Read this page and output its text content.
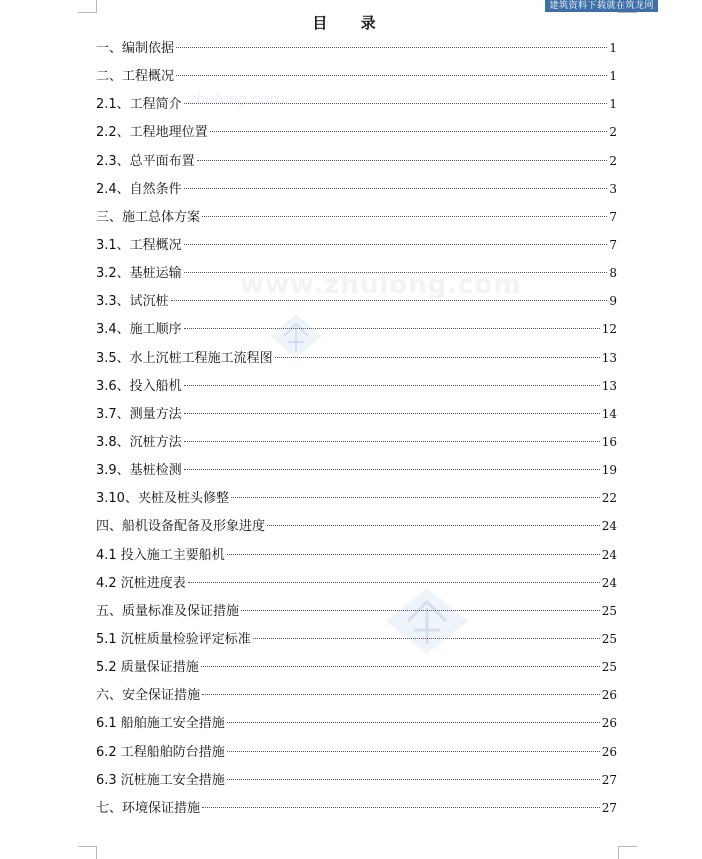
建筑资料下载就在筑龙网
zhulong.com
www.zhulong.com
目 录
一、编制依据	1
二、工程概况	1
2.1、工程简介	1
2.2、工程地理位置	2
2.3、总平面布置	2
2.4、自然条件	3
三、施工总体方案	7
3.1、工程概况	7
3.2、基桩运输	8
3.3、试沉桩	9
3.4、施工顺序	12
3.5、水上沉桩工程施工流程图	13
3.6、投入船机	13
3.7、测量方法	14
3.8、沉桩方法	16
3.9、基桩检测	19
3.10、夹桩及桩头修整	22
四、船机设备配备及形象进度	24
4.1 投入施工主要船机	24
4.2 沉桩进度表	24
五、质量标准及保证措施	25
5.1 沉桩质量检验评定标准	25
5.2 质量保证措施	25
六、安全保证措施	26
6.1 船舶施工安全措施	26
6.2 工程船舶防台措施	26
6.3 沉桩施工安全措施	27
七、环境保证措施	27
